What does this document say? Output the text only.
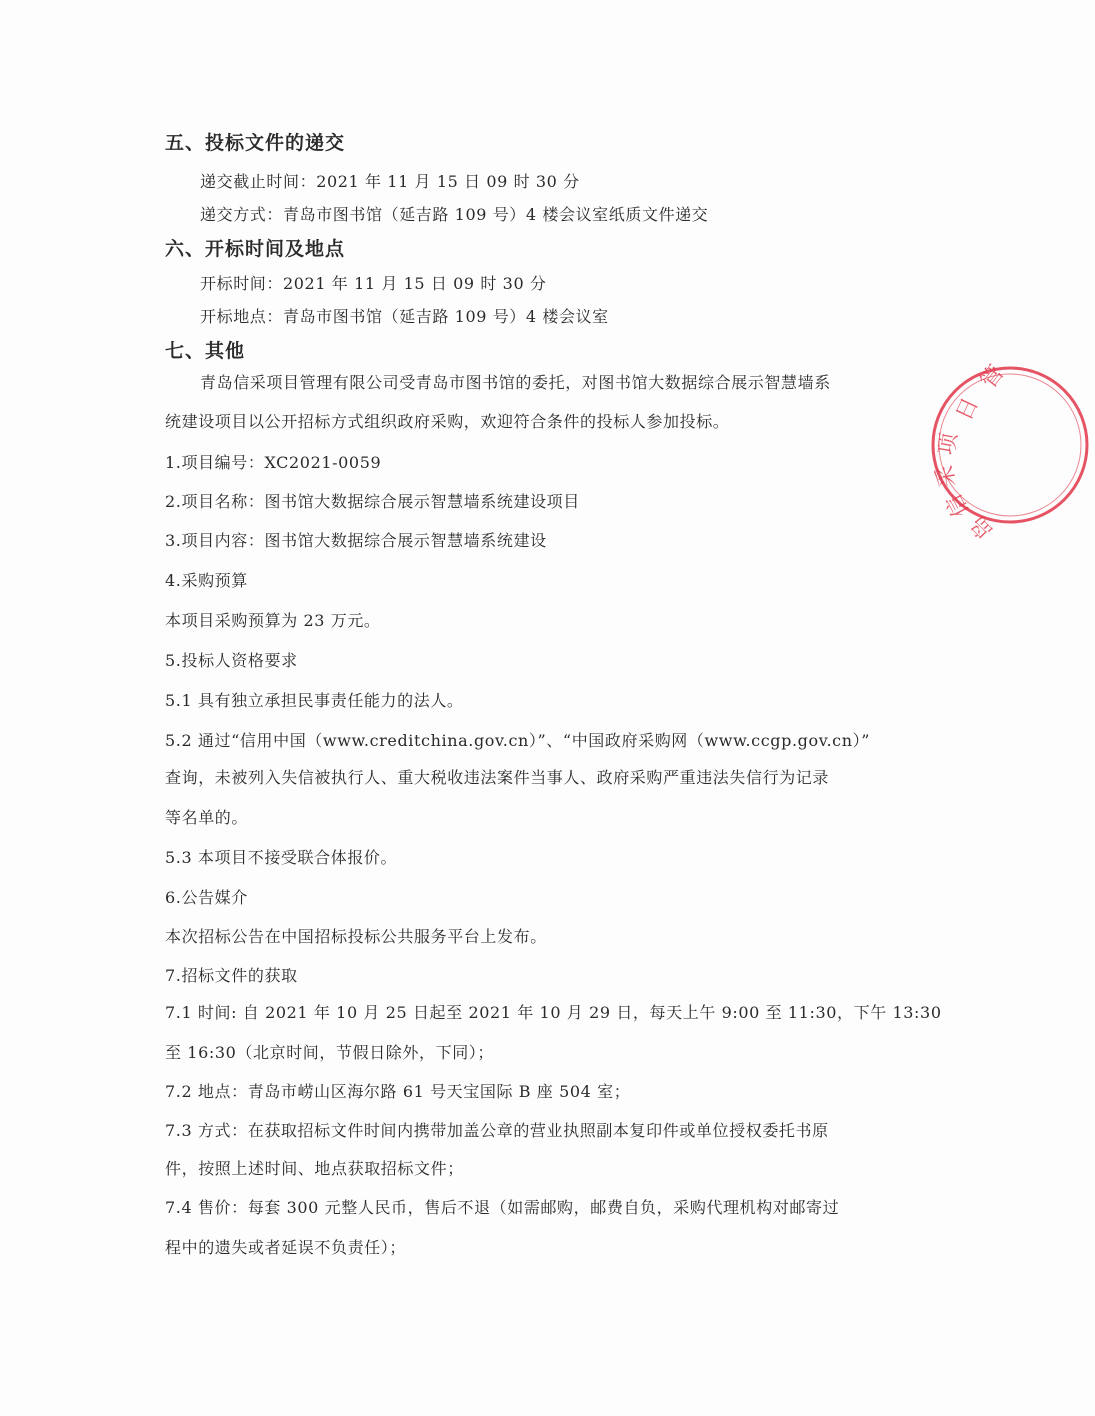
五、投标文件的递交
递交截止时间：2021 年 11 月 15 日 09 时 30 分
递交方式：青岛市图书馆（延吉路 109 号）4 楼会议室纸质文件递交
六、开标时间及地点
开标时间：2021 年 11 月 15 日 09 时 30 分
开标地点：青岛市图书馆（延吉路 109 号）4 楼会议室
七、其他
青岛信采项目管理有限公司受青岛市图书馆的委托，对图书馆大数据综合展示智慧墙系
统建设项目以公开招标方式组织政府采购，欢迎符合条件的投标人参加投标。
1.项目编号：XC2021-0059
2.项目名称：图书馆大数据综合展示智慧墙系统建设项目
3.项目内容：图书馆大数据综合展示智慧墙系统建设
4.采购预算
本项目采购预算为 23 万元。
5.投标人资格要求
5.1 具有独立承担民事责任能力的法人。
5.2 通过“信用中国（www.creditchina.gov.cn）”、“中国政府采购网（www.ccgp.gov.cn）”
查询，未被列入失信被执行人、重大税收违法案件当事人、政府采购严重违法失信行为记录
等名单的。
5.3 本项目不接受联合体报价。
6.公告媒介
本次招标公告在中国招标投标公共服务平台上发布。
7.招标文件的获取
7.1 时间: 自 2021 年 10 月 25 日起至 2021 年 10 月 29 日，每天上午 9:00 至 11:30，下午 13:30
至 16:30（北京时间，节假日除外，下同）；
7.2 地点：青岛市崂山区海尔路 61 号天宝国际 B 座 504 室；
7.3 方式：在获取招标文件时间内携带加盖公章的营业执照副本复印件或单位授权委托书原
件，按照上述时间、地点获取招标文件；
7.4 售价：每套 300 元整人民币，售后不退（如需邮购，邮费自负，采购代理机构对邮寄过
程中的遗失或者延误不负责任）；
管
日
项
采
信
岛
